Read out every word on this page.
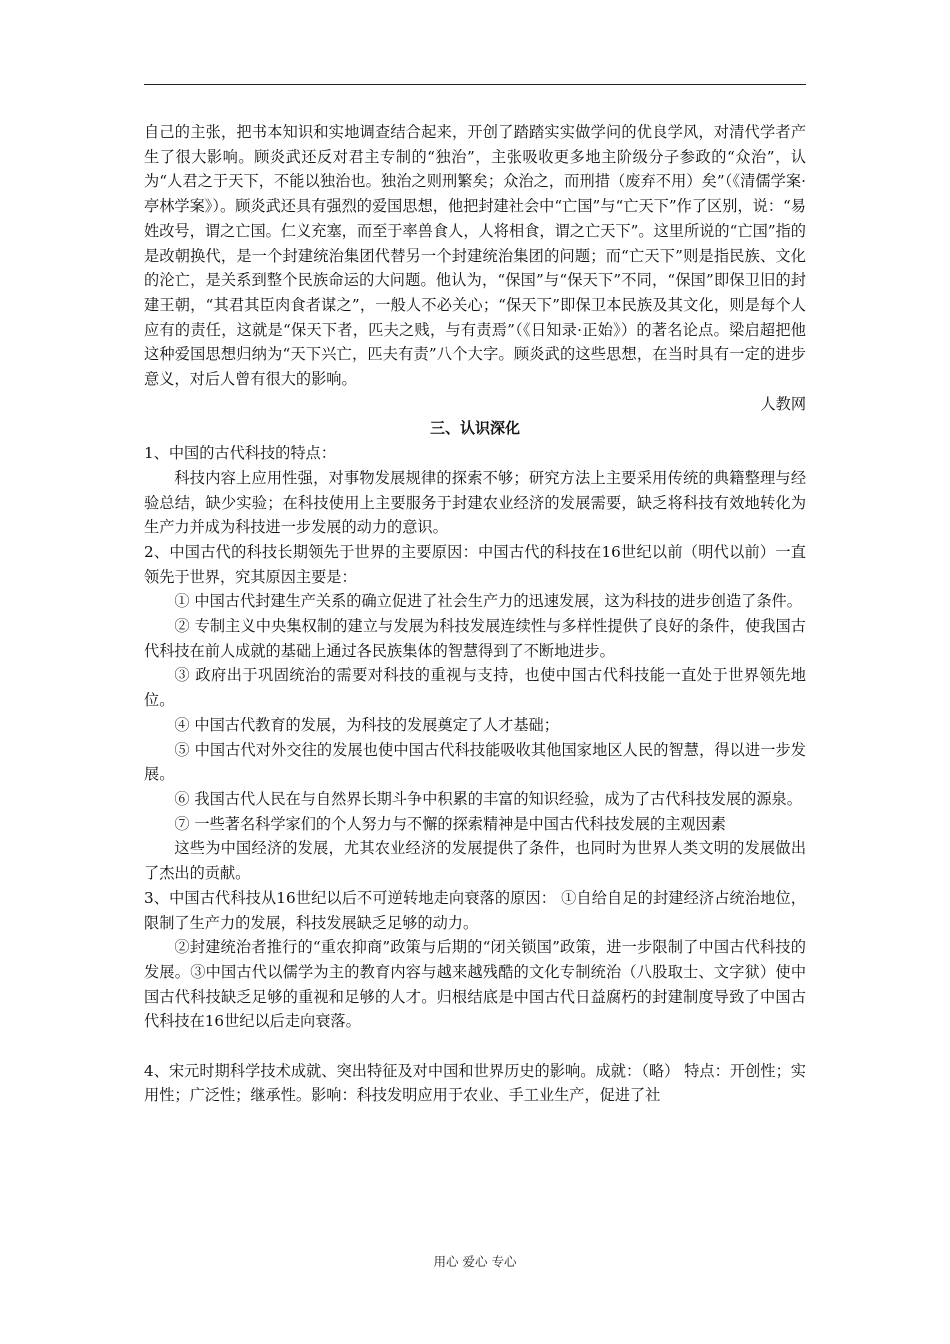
自己的主张，把书本知识和实地调查结合起来，开创了踏踏实实做学问的优良学风，对清代学者产生了很大影响。顾炎武还反对君主专制的“独治”，主张吸收更多地主阶级分子参政的“众治”，认为“人君之于天下，不能以独治也。独治之则刑繁矣；众治之，而刑措（废弃不用）矣”（《清儒学案·亭林学案》）。顾炎武还具有强烈的爱国思想，他把封建社会中“亡国”与“亡天下”作了区别，说：“易姓改号，谓之亡国。仁义充塞，而至于率兽食人，人将相食，谓之亡天下”。这里所说的“亡国”指的是改朝换代，是一个封建统治集团代替另一个封建统治集团的问题；而“亡天下”则是指民族、文化的沦亡，是关系到整个民族命运的大问题。他认为，“保国”与“保天下”不同，“保国”即保卫旧的封建王朝，“其君其臣肉食者谋之”，一般人不必关心；“保天下”即保卫本民族及其文化，则是每个人应有的责任，这就是“保天下者，匹夫之贱，与有责焉”（《日知录·正始》）的著名论点。梁启超把他这种爱国思想归纳为“天下兴亡，匹夫有责”八个大字。顾炎武的这些思想，在当时具有一定的进步意义，对后人曾有很大的影响。

人教网

三、认识深化

1、中国的古代科技的特点：

科技内容上应用性强，对事物发展规律的探索不够；研究方法上主要采用传统的典籍整理与经验总结，缺少实验；在科技使用上主要服务于封建农业经济的发展需要，缺乏将科技有效地转化为生产力并成为科技进一步发展的动力的意识。

2、中国古代的科技长期领先于世界的主要原因：中国古代的科技在16世纪以前（明代以前）一直领先于世界，究其原因主要是：

① 中国古代封建生产关系的确立促进了社会生产力的迅速发展，这为科技的进步创造了条件。

② 专制主义中央集权制的建立与发展为科技发展连续性与多样性提供了良好的条件，使我国古代科技在前人成就的基础上通过各民族集体的智慧得到了不断地进步。

③ 政府出于巩固统治的需要对科技的重视与支持，也使中国古代科技能一直处于世界领先地位。

④ 中国古代教育的发展，为科技的发展奠定了人才基础；

⑤ 中国古代对外交往的发展也使中国古代科技能吸收其他国家地区人民的智慧，得以进一步发展。

⑥ 我国古代人民在与自然界长期斗争中积累的丰富的知识经验，成为了古代科技发展的源泉。

⑦ 一些著名科学家们的个人努力与不懈的探索精神是中国古代科技发展的主观因素

这些为中国经济的发展，尤其农业经济的发展提供了条件，也同时为世界人类文明的发展做出了杰出的贡献。

3、中国古代科技从16世纪以后不可逆转地走向衰落的原因： ①自给自足的封建经济占统治地位，限制了生产力的发展，科技发展缺乏足够的动力。

②封建统治者推行的“重农抑商”政策与后期的“闭关锁国”政策，进一步限制了中国古代科技的发展。③中国古代以儒学为主的教育内容与越来越残酷的文化专制统治（八股取士、文字狱）使中国古代科技缺乏足够的重视和足够的人才。归根结底是中国古代日益腐朽的封建制度导致了中国古代科技在16世纪以后走向衰落。

4、宋元时期科学技术成就、突出特征及对中国和世界历史的影响。成就：（略） 特点：开创性；实用性；广泛性；继承性。影响：科技发明应用于农业、手工业生产，促进了社

用心 爱心 专心
